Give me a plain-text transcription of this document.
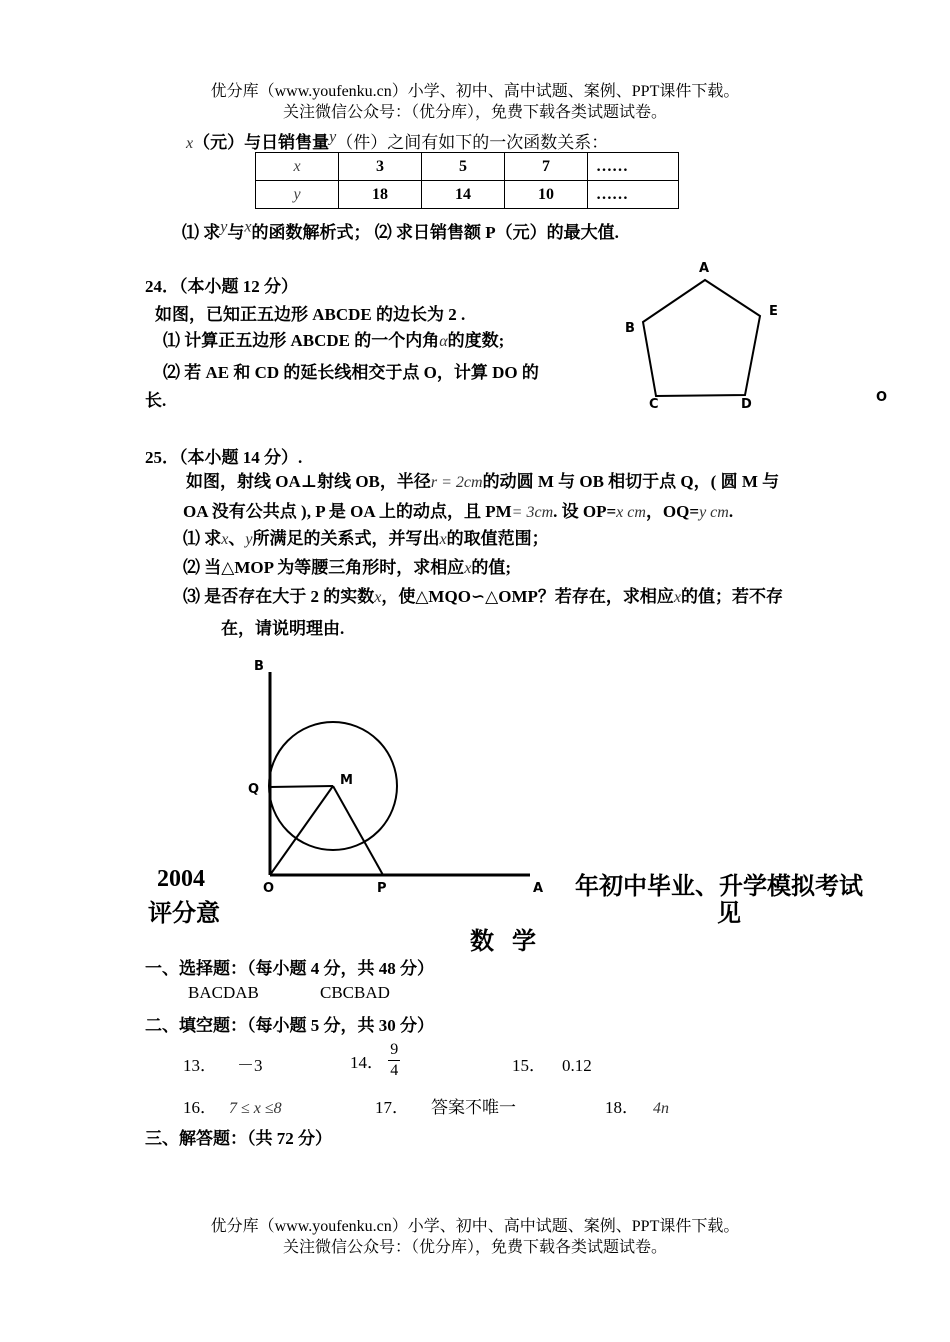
优分库（www.youfenku.cn）小学、初中、高中试题、案例、PPT课件下载。
关注微信公众号：（优分库），免费下载各类试题试卷。
x（元）与日销售量$^y$（件）之间有如下的一次函数关系：
x	3	5	7	……
y	18	14	10	……
⑴ 求$^y$与$^x$的函数解析式； ⑵ 求日销售额 P（元）的最大值.
24．（本小题 12 分）
如图，已知正五边形 ABCDE 的边长为 2 .
⑴ 计算正五边形 ABCDE 的一个内角α的度数;
⑵ 若 AE 和 CD 的延长线相交于点 O，计算 DO 的
长.
A
E
B
C	D	O
25．（本小题 14 分）.
如图，射线 OA⊥射线 OB，半径r = 2cm的动圆 M 与 OB 相切于点 Q，( 圆 M 与
OA 没有公共点 ), P 是 OA 上的动点，且 PM= 3cm. 设 OP=x cm，OQ=y cm.
⑴ 求x、y所满足的关系式，并写出x的取值范围；
⑵ 当△MOP 为等腰三角形时，求相应x的值;
⑶ 是否存在大于 2 的实数x，使△MQO∽△OMP？若存在，求相应x的值；若不存
在，请说明理由.
B
Q
M
O	P	A
2004
评分意
年初中毕业、升学模拟考试
见
数   学
一、选择题：（每小题 4 分，共 48 分）
BACDAB	CBCBAD
二、填空题：（每小题 5 分，共 30 分）
13． －3	14． $\frac{9}{4}$	15． 0.12
16． 7 ≤ x ≤8	17． 答案不唯一	18． 4n
三、解答题：（共 72 分）
优分库（www.youfenku.cn）小学、初中、高中试题、案例、PPT课件下载。
关注微信公众号：（优分库），免费下载各类试题试卷。
